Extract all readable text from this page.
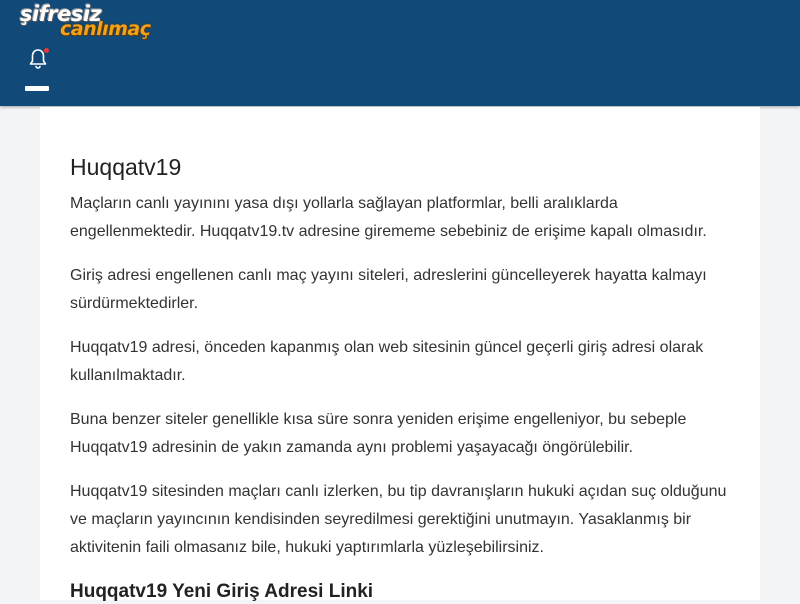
şifresiz
canlımaç
Huqqatv19

Maçların canlı yayınını yasa dışı yollarla sağlayan platformlar, belli aralıklarda engellenmektedir. Huqqatv19.tv adresine girememe sebebiniz de erişime kapalı olmasıdır.

Giriş adresi engellenen canlı maç yayını siteleri, adreslerini güncelleyerek hayatta kalmayı sürdürmektedirler.

Huqqatv19 adresi, önceden kapanmış olan web sitesinin güncel geçerli giriş adresi olarak kullanılmaktadır.

Buna benzer siteler genellikle kısa süre sonra yeniden erişime engelleniyor, bu sebeple Huqqatv19 adresinin de yakın zamanda aynı problemi yaşayacağı öngörülebilir.

Huqqatv19 sitesinden maçları canlı izlerken, bu tip davranışların hukuki açıdan suç olduğunu ve maçların yayıncının kendisinden seyredilmesi gerektiğini unutmayın. Yasaklanmış bir aktivitenin faili olmasanız bile, hukuki yaptırımlarla yüzleşebilirsiniz.

Huqqatv19 Yeni Giriş Adresi Linki
